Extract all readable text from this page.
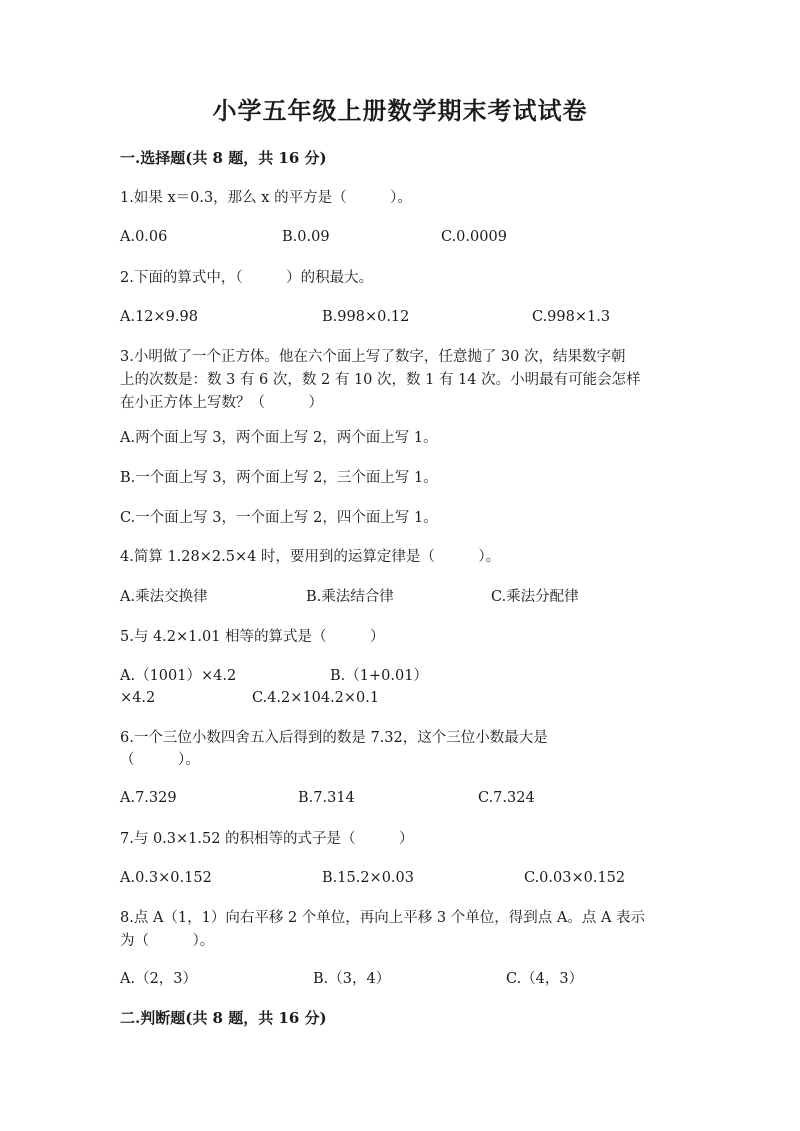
小学五年级上册数学期末考试试卷
一.选择题(共 8 题，共 16 分)
1.如果 x＝0.3，那么 x 的平方是（　　　）。
A.0.06	B.0.09	C.0.0009
2.下面的算式中，（　　　）的积最大。
A.12×9.98	B.998×0.12	C.998×1.3
3.小明做了一个正方体。他在六个面上写了数字，任意抛了 30 次，结果数字朝
上的次数是：数 3 有 6 次，数 2 有 10 次，数 1 有 14 次。小明最有可能会怎样
在小正方体上写数？（　　　）
A.两个面上写 3，两个面上写 2，两个面上写 1。
B.一个面上写 3，两个面上写 2，三个面上写 1。
C.一个面上写 3，一个面上写 2，四个面上写 1。
4.简算 1.28×2.5×4 时，要用到的运算定律是（　　　）。
A.乘法交换律	B.乘法结合律	C.乘法分配律
5.与 4.2×1.01 相等的算式是（　　　）
A.（1001）×4.2	B.（1+0.01）
×4.2	C.4.2×104.2×0.1
6.一个三位小数四舍五入后得到的数是 7.32，这个三位小数最大是
（　　　）。
A.7.329	B.7.314	C.7.324
7.与 0.3×1.52 的积相等的式子是（　　　）
A.0.3×0.152	B.15.2×0.03	C.0.03×0.152
8.点 A（1，1）向右平移 2 个单位，再向上平移 3 个单位，得到点 A。点 A 表示
为（　　　）。
A.（2，3）	B.（3，4）	C.（4，3）
二.判断题(共 8 题，共 16 分)
